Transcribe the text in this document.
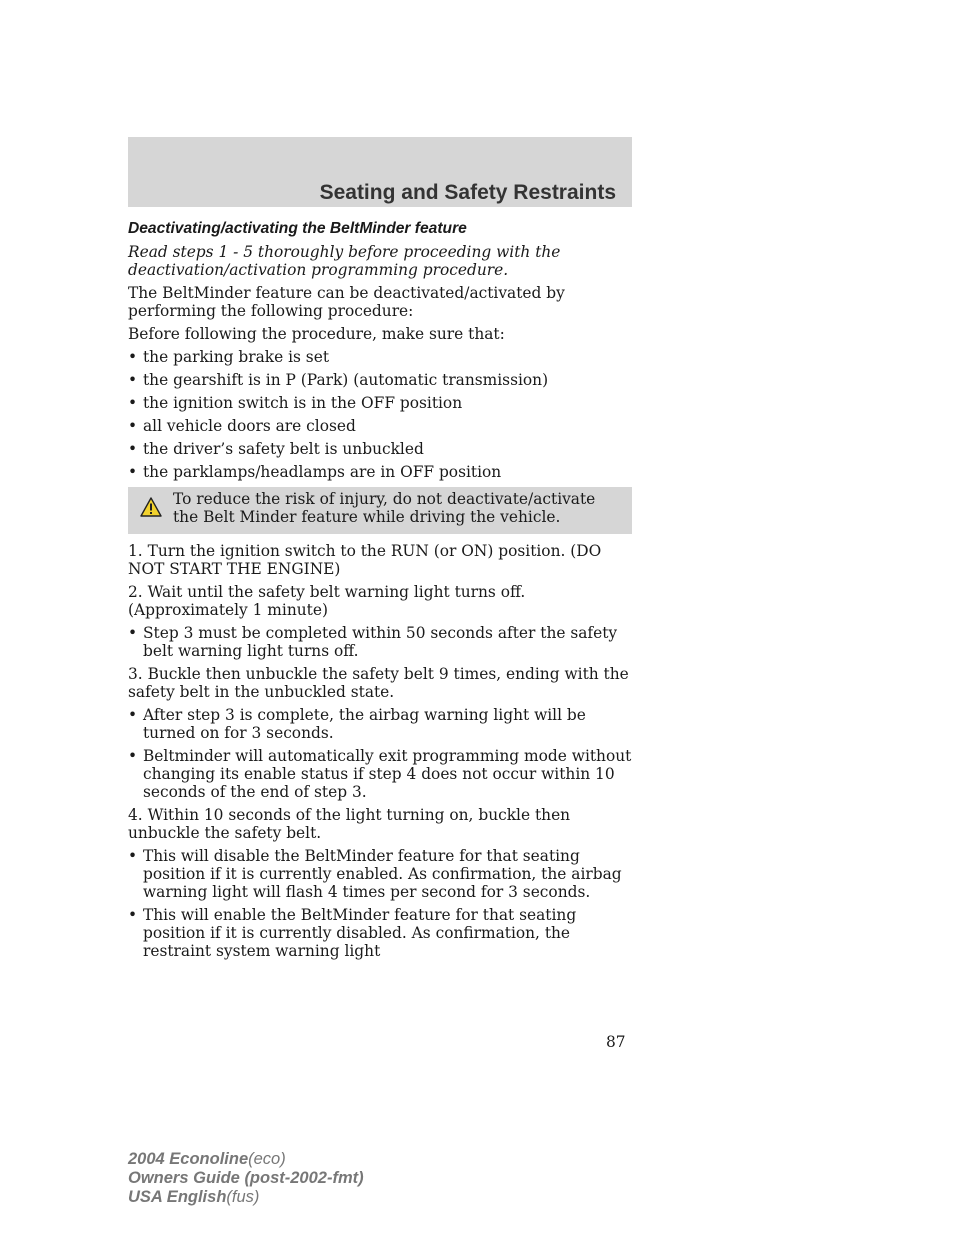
Seating and Safety Restraints
Deactivating/activating the BeltMinder feature
Read steps 1 - 5 thoroughly before proceeding with the deactivation/activation programming procedure.

The BeltMinder feature can be deactivated/activated by performing the following procedure:

Before following the procedure, make sure that:

• the parking brake is set
• the gearshift is in P (Park) (automatic transmission)
• the ignition switch is in the OFF position
• all vehicle doors are closed
• the driver’s safety belt is unbuckled
• the parklamps/headlamps are in OFF position
To reduce the risk of injury, do not deactivate/activate the Belt Minder feature while driving the vehicle.

1. Turn the ignition switch to the RUN (or ON) position. (DO NOT START THE ENGINE)

2. Wait until the safety belt warning light turns off. (Approximately 1 minute)

• Step 3 must be completed within 50 seconds after the safety belt warning light turns off.

3. Buckle then unbuckle the safety belt 9 times, ending with the safety belt in the unbuckled state.

• After step 3 is complete, the airbag warning light will be turned on for 3 seconds.
• Beltminder will automatically exit programming mode without changing its enable status if step 4 does not occur within 10 seconds of the end of step 3.

4. Within 10 seconds of the light turning on, buckle then unbuckle the safety belt.

• This will disable the BeltMinder feature for that seating position if it is currently enabled. As confirmation, the airbag warning light will flash 4 times per second for 3 seconds.
• This will enable the BeltMinder feature for that seating position if it is currently disabled. As confirmation, the restraint system warning light
87
2004 Econoline(eco)
Owners Guide (post-2002-fmt)
USA English(fus)
